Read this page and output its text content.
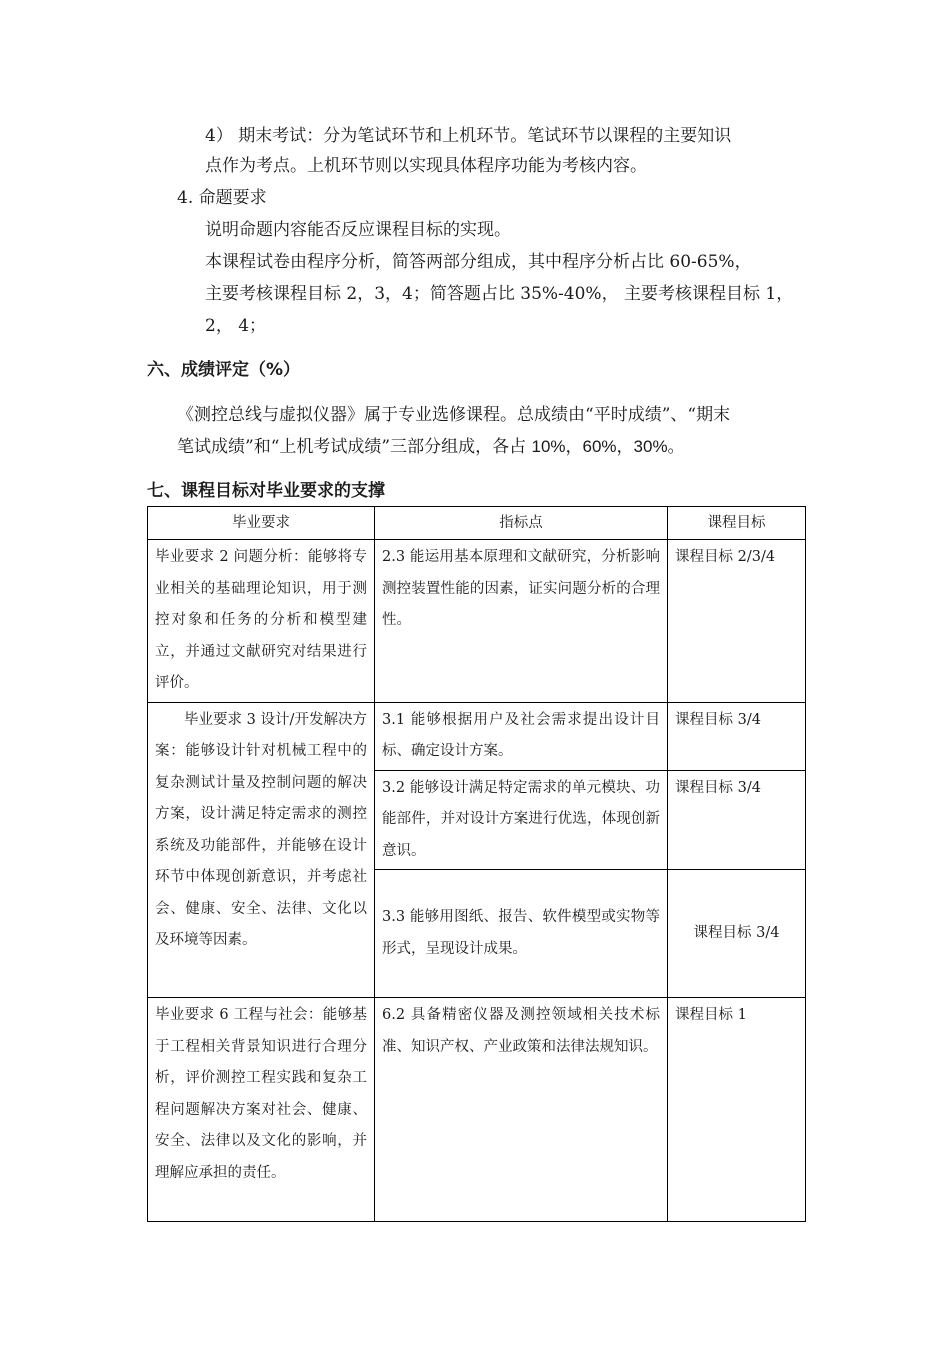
4） 期末考试：分为笔试环节和上机环节。笔试环节以课程的主要知识
点作为考点。上机环节则以实现具体程序功能为考核内容。
4. 命题要求
说明命题内容能否反应课程目标的实现。
本课程试卷由程序分析，简答两部分组成，其中程序分析占比 60-65%，
主要考核课程目标 2，3，4；简答题占比 35%-40%， 主要考核课程目标 1，
2， 4；
六、成绩评定（%）
《测控总线与虚拟仪器》属于专业选修课程。总成绩由“平时成绩”、“期末
笔试成绩”和“上机考试成绩”三部分组成，各占 10%，60%，30%。
七、课程目标对毕业要求的支撑
毕业要求	指标点	课程目标
毕业要求 2 问题分析：能够将专业相关的基础理论知识，用于测控对象和任务的分析和模型建立，并通过文献研究对结果进行评价。	2.3 能运用基本原理和文献研究，分析影响测控装置性能的因素，证实问题分析的合理性。	课程目标 2/3/4
毕业要求 3 设计/开发解决方案：能够设计针对机械工程中的复杂测试计量及控制问题的解决方案，设计满足特定需求的测控系统及功能部件，并能够在设计环节中体现创新意识，并考虑社会、健康、安全、法律、文化以及环境等因素。	3.1 能够根据用户及社会需求提出设计目标、确定设计方案。	课程目标 3/4
	3.2 能够设计满足特定需求的单元模块、功能部件，并对设计方案进行优选，体现创新意识。	课程目标 3/4
	3.3 能够用图纸、报告、软件模型或实物等形式，呈现设计成果。	课程目标 3/4
毕业要求 6 工程与社会：能够基于工程相关背景知识进行合理分析，评价测控工程实践和复杂工程问题解决方案对社会、健康、安全、法律以及文化的影响，并理解应承担的责任。	6.2 具备精密仪器及测控领域相关技术标准、知识产权、产业政策和法律法规知识。	课程目标 1
